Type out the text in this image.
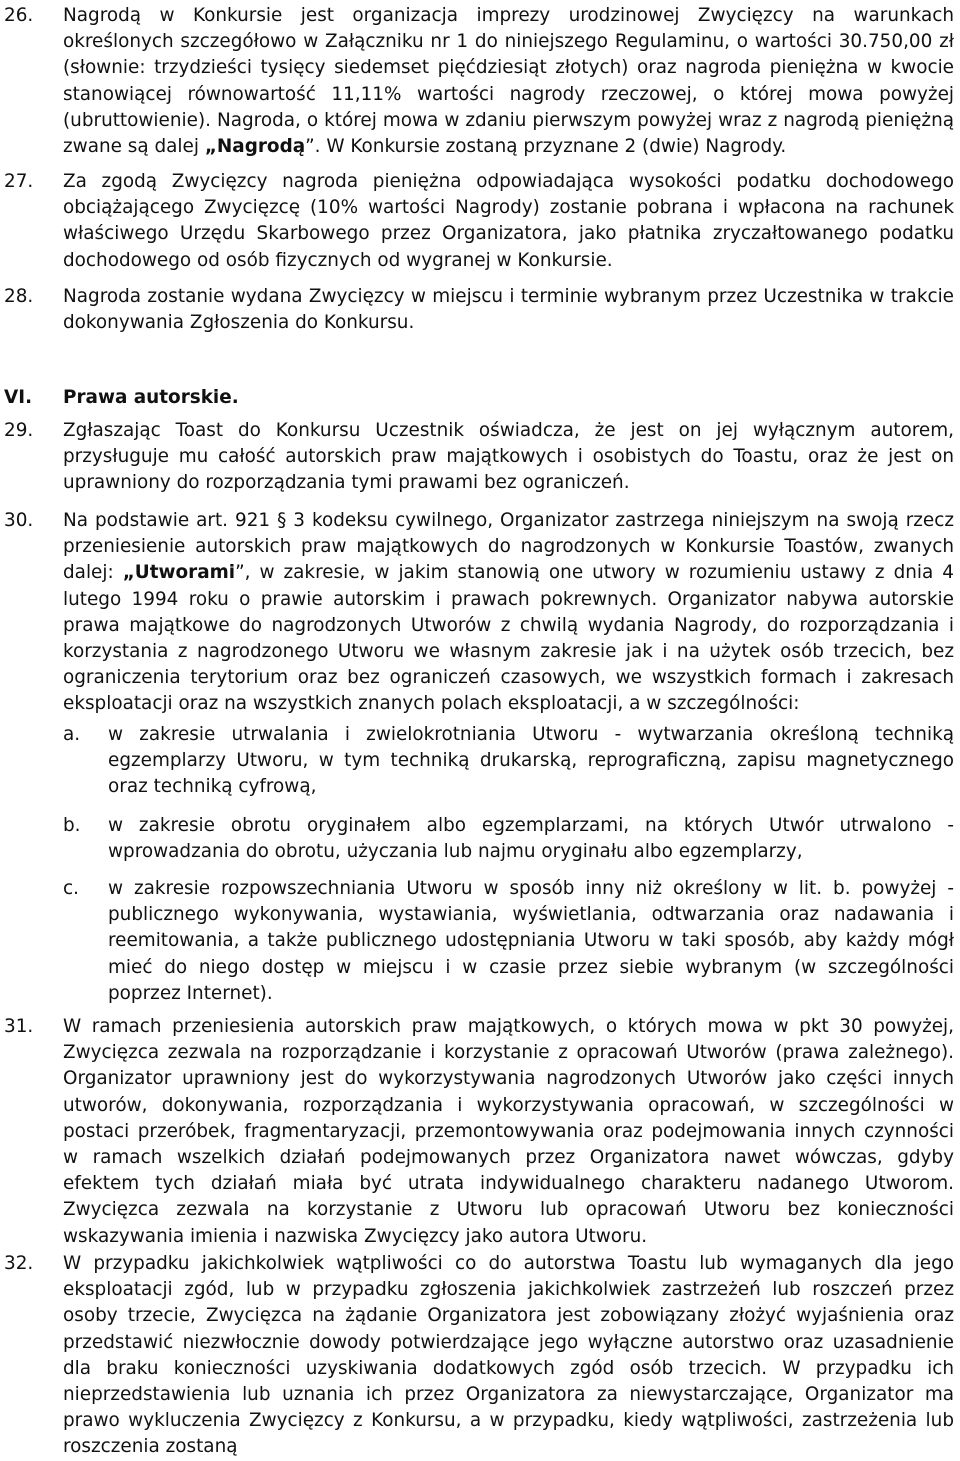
26.	Nagrodą w Konkursie jest organizacja imprezy urodzinowej Zwycięzcy na warunkach określonych szczegółowo w Załączniku nr 1 do niniejszego Regulaminu, o wartości 30.750,00 zł (słownie: trzydzieści tysięcy siedemset pięćdziesiąt złotych) oraz nagroda pieniężna w kwocie stanowiącej równowartość 11,11% wartości nagrody rzeczowej, o której mowa powyżej (ubruttowienie). Nagroda, o której mowa w zdaniu pierwszym powyżej wraz z nagrodą pieniężną zwane są dalej „Nagrodą”. W Konkursie zostaną przyznane 2 (dwie) Nagrody.
27.	Za zgodą Zwycięzcy nagroda pieniężna odpowiadająca wysokości podatku dochodowego obciążającego Zwycięzcę (10% wartości Nagrody) zostanie pobrana i wpłacona na rachunek właściwego Urzędu Skarbowego przez Organizatora, jako płatnika zryczałtowanego podatku dochodowego od osób fizycznych od wygranej w Konkursie.
28.	Nagroda zostanie wydana Zwycięzcy w miejscu i terminie wybranym przez Uczestnika w trakcie dokonywania Zgłoszenia do Konkursu.
VI. Prawa autorskie.
29.	Zgłaszając Toast do Konkursu Uczestnik oświadcza, że jest on jej wyłącznym autorem, przysługuje mu całość autorskich praw majątkowych i osobistych do Toastu, oraz że jest on uprawniony do rozporządzania tymi prawami bez ograniczeń.
30.	Na podstawie art. 921 § 3 kodeksu cywilnego, Organizator zastrzega niniejszym na swoją rzecz przeniesienie autorskich praw majątkowych do nagrodzonych w Konkursie Toastów, zwanych dalej: „Utworami”, w zakresie, w jakim stanowią one utwory w rozumieniu ustawy z dnia 4 lutego 1994 roku o prawie autorskim i prawach pokrewnych. Organizator nabywa autorskie prawa majątkowe do nagrodzonych Utworów z chwilą wydania Nagrody, do rozporządzania i korzystania z nagrodzonego Utworu we własnym zakresie jak i na użytek osób trzecich, bez ograniczenia terytorium oraz bez ograniczeń czasowych, we wszystkich formach i zakresach eksploatacji oraz na wszystkich znanych polach eksploatacji, a w szczególności:
a.	w zakresie utrwalania i zwielokrotniania Utworu - wytwarzania określoną techniką egzemplarzy Utworu, w tym techniką drukarską, reprograficzną, zapisu magnetycznego oraz techniką cyfrową,
b.	w zakresie obrotu oryginałem albo egzemplarzami, na których Utwór utrwalono - wprowadzania do obrotu, użyczania lub najmu oryginału albo egzemplarzy,
c.	w zakresie rozpowszechniania Utworu w sposób inny niż określony w lit. b. powyżej - publicznego wykonywania, wystawiania, wyświetlania, odtwarzania oraz nadawania i reemitowania, a także publicznego udostępniania Utworu w taki sposób, aby każdy mógł mieć do niego dostęp w miejscu i w czasie przez siebie wybranym (w szczególności poprzez Internet).
31.	W ramach przeniesienia autorskich praw majątkowych, o których mowa w pkt 30 powyżej, Zwycięzca zezwala na rozporządzanie i korzystanie z opracowań Utworów (prawa zależnego). Organizator uprawniony jest do wykorzystywania nagrodzonych Utworów jako części innych utworów, dokonywania, rozporządzania i wykorzystywania opracowań, w szczególności w postaci przeróbek, fragmentaryzacji, przemontowywania oraz podejmowania innych czynności w ramach wszelkich działań podejmowanych przez Organizatora nawet wówczas, gdyby efektem tych działań miała być utrata indywidualnego charakteru nadanego Utworom. Zwycięzca zezwala na korzystanie z Utworu lub opracowań Utworu bez konieczności wskazywania imienia i nazwiska Zwycięzcy jako autora Utworu.
32.	W przypadku jakichkolwiek wątpliwości co do autorstwa Toastu lub wymaganych dla jego eksploatacji zgód, lub w przypadku zgłoszenia jakichkolwiek zastrzeżeń lub roszczeń przez osoby trzecie, Zwycięzca na żądanie Organizatora jest zobowiązany złożyć wyjaśnienia oraz przedstawić niezwłocznie dowody potwierdzające jego wyłączne autorstwo oraz uzasadnienie dla braku konieczności uzyskiwania dodatkowych zgód osób trzecich. W przypadku ich nieprzedstawienia lub uznania ich przez Organizatora za niewystarczające, Organizator ma prawo wykluczenia Zwycięzcy z Konkursu, a w przypadku, kiedy wątpliwości, zastrzeżenia lub roszczenia zostaną
